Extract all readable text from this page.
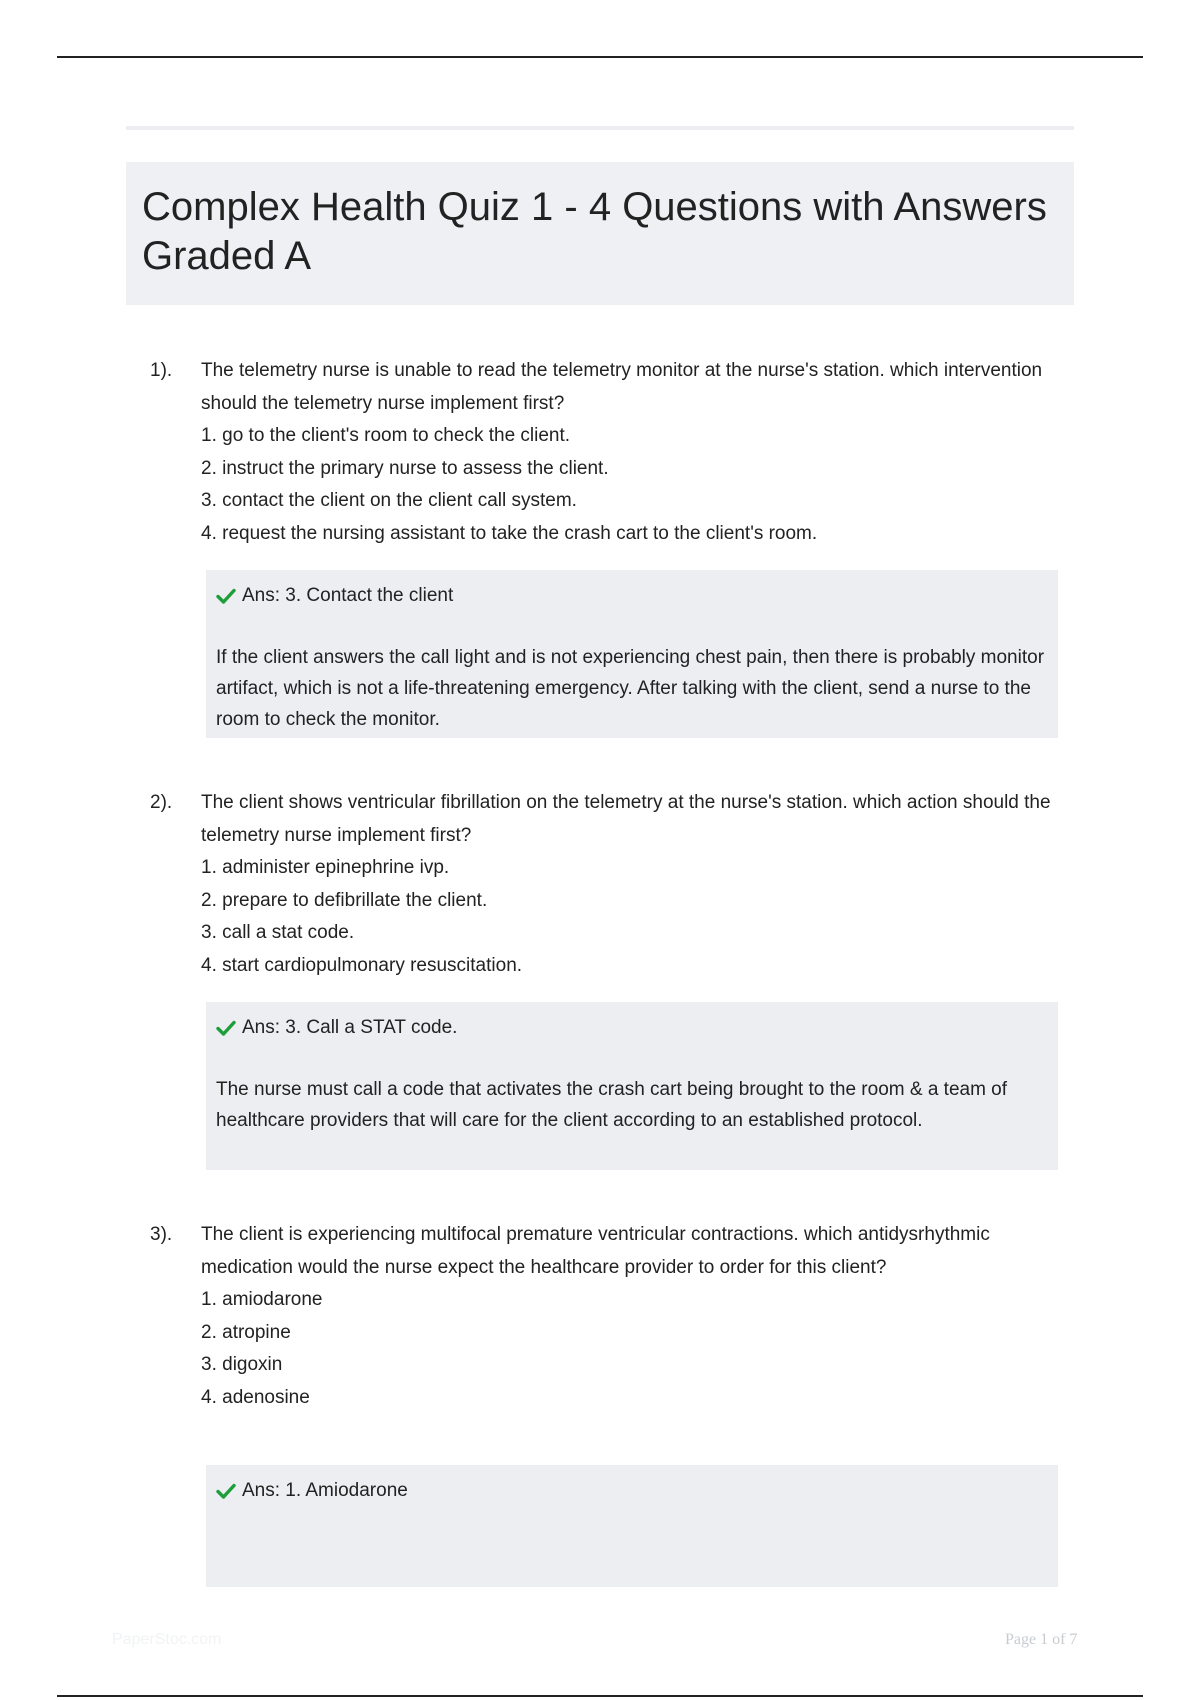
Complex Health Quiz 1 - 4 Questions with Answers Graded A
1). The telemetry nurse is unable to read the telemetry monitor at the nurse's station. which intervention should the telemetry nurse implement first?

1. go to the client's room to check the client.
2. instruct the primary nurse to assess the client.
3. contact the client on the client call system.
4. request the nursing assistant to take the crash cart to the client's room.
Ans: 3. Contact the client
If the client answers the call light and is not experiencing chest pain, then there is probably monitor artifact, which is not a life-threatening emergency. After talking with the client, send a nurse to the room to check the monitor.
2). The client shows ventricular fibrillation on the telemetry at the nurse's station. which action should the telemetry nurse implement first?

1. administer epinephrine ivp.
2. prepare to defibrillate the client.
3. call a stat code.
4. start cardiopulmonary resuscitation.
Ans: 3. Call a STAT code.
The nurse must call a code that activates the crash cart being brought to the room & a team of healthcare providers that will care for the client according to an established protocol.
3). The client is experiencing multifocal premature ventricular contractions. which antidysrhythmic medication would the nurse expect the healthcare provider to order for this client?

1. amiodarone
2. atropine
3. digoxin
4. adenosine
Ans: 1. Amiodarone
PaperStoc.com	Page 1 of 7
